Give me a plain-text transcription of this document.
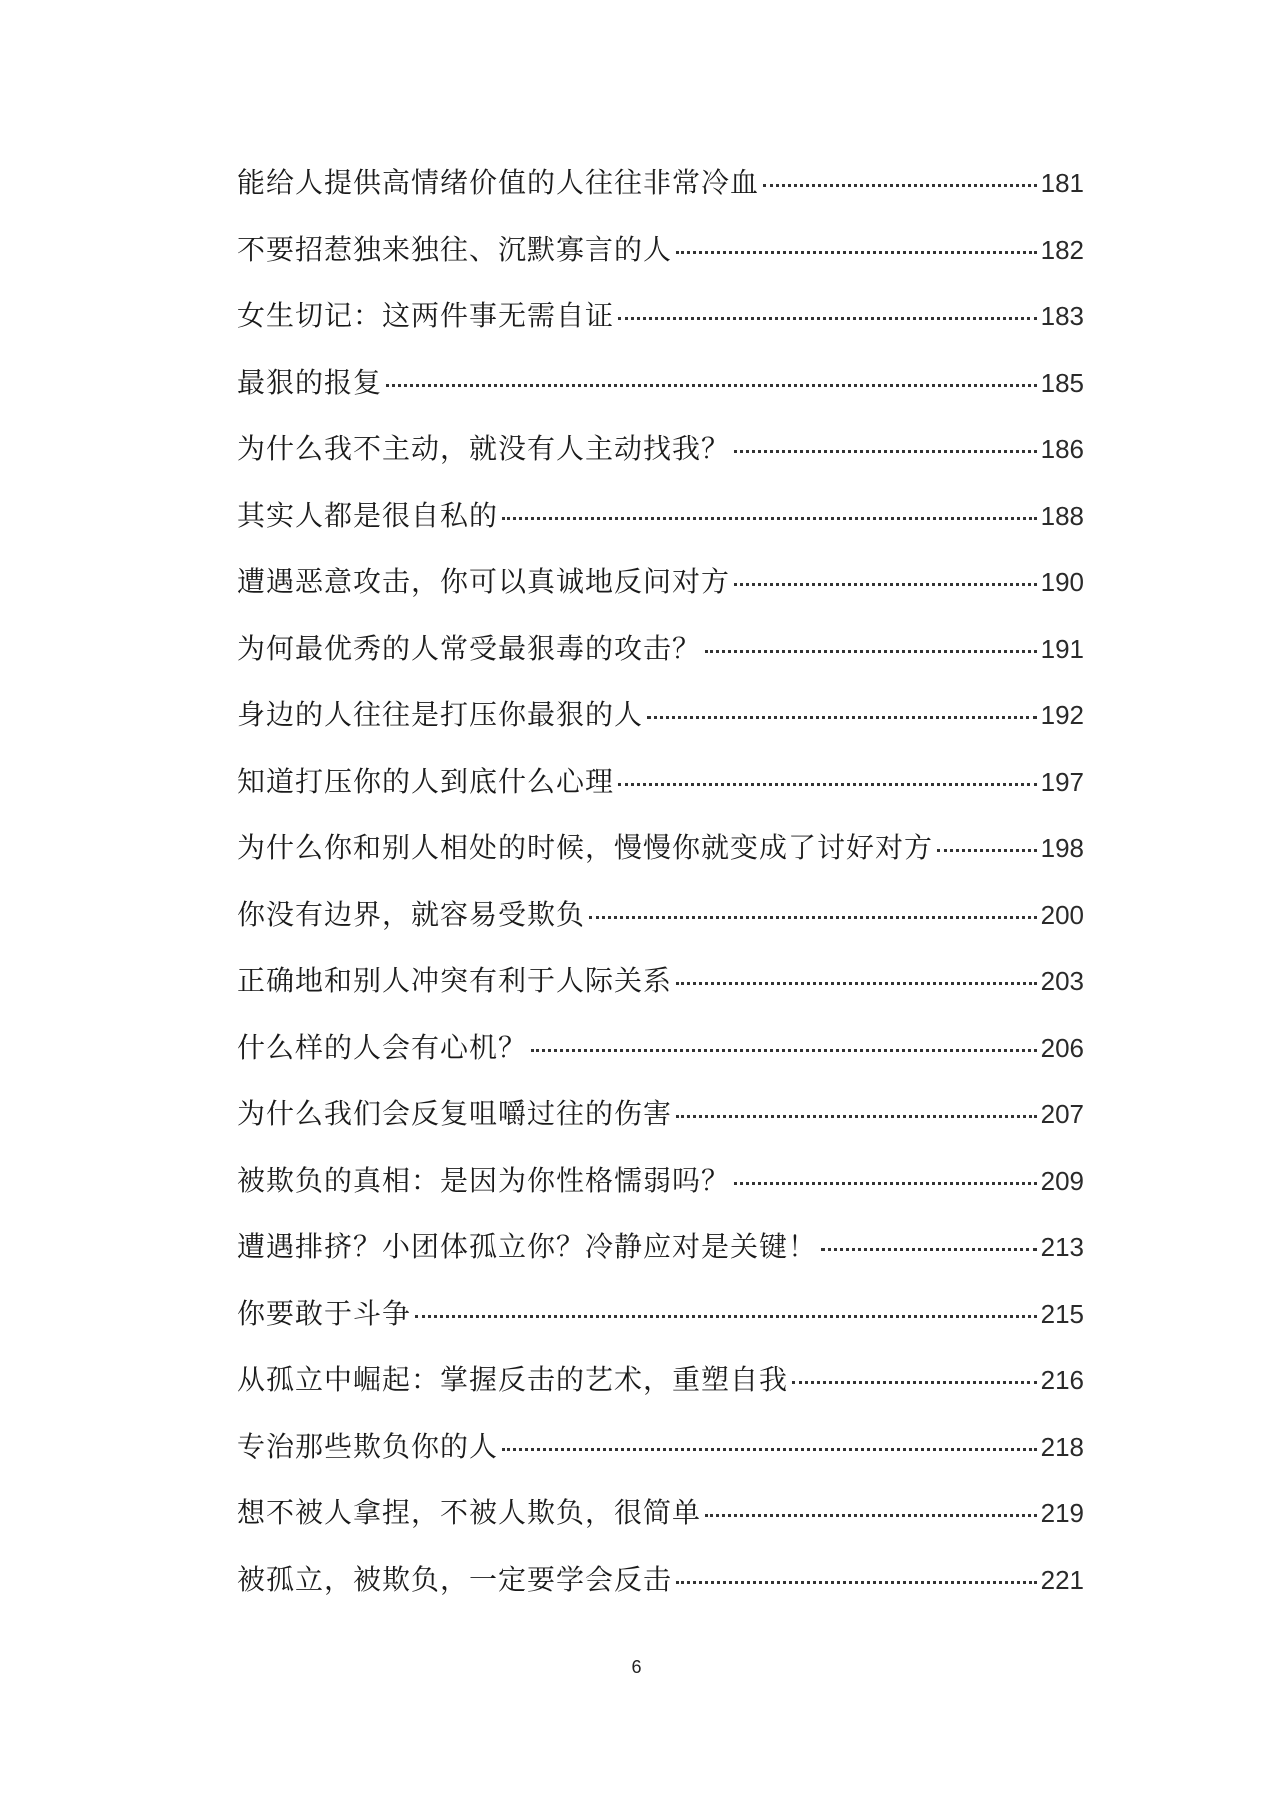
能给人提供高情绪价值的人往往非常冷血	181
不要招惹独来独往、沉默寡言的人	182
女生切记：这两件事无需自证	183
最狠的报复	185
为什么我不主动，就没有人主动找我？	186
其实人都是很自私的	188
遭遇恶意攻击，你可以真诚地反问对方	190
为何最优秀的人常受最狠毒的攻击？	191
身边的人往往是打压你最狠的人	192
知道打压你的人到底什么心理	197
为什么你和别人相处的时候，慢慢你就变成了讨好对方	198
你没有边界，就容易受欺负	200
正确地和别人冲突有利于人际关系	203
什么样的人会有心机？	206
为什么我们会反复咀嚼过往的伤害	207
被欺负的真相：是因为你性格懦弱吗？	209
遭遇排挤？小团体孤立你？冷静应对是关键！	213
你要敢于斗争	215
从孤立中崛起：掌握反击的艺术，重塑自我	216
专治那些欺负你的人	218
想不被人拿捏，不被人欺负，很简单	219
被孤立，被欺负，一定要学会反击	221
6
